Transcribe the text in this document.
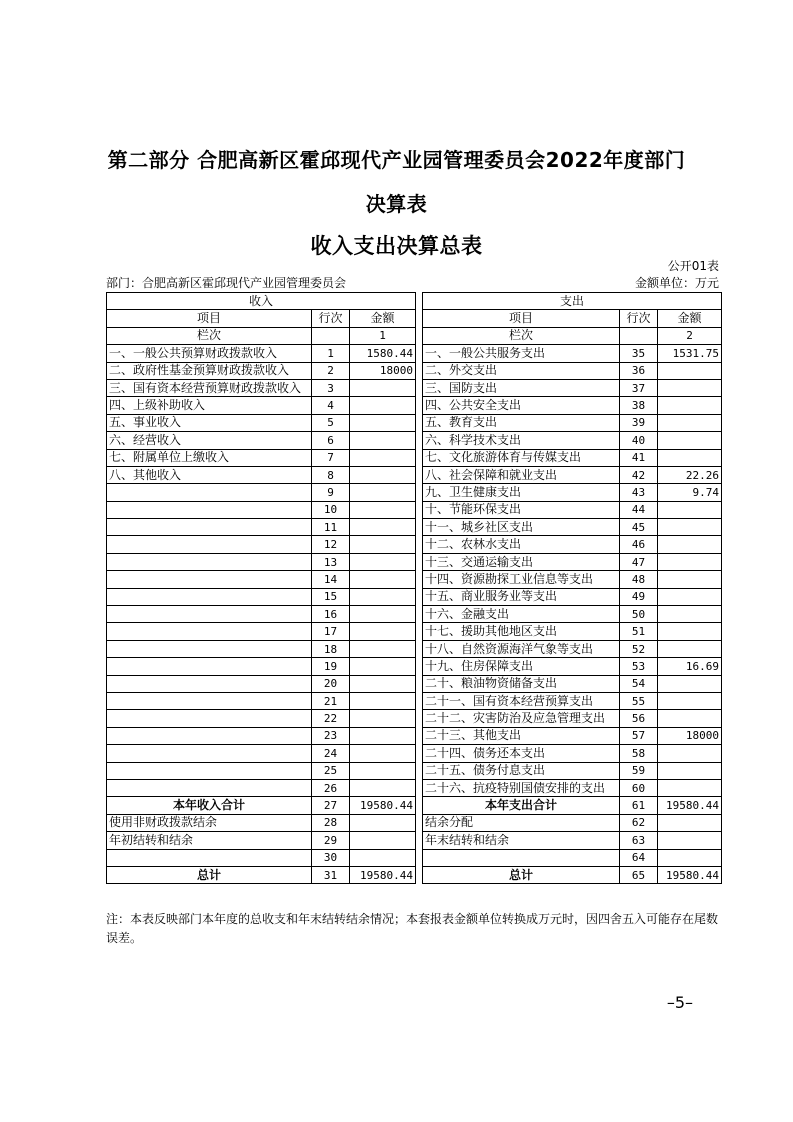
第二部分 合肥高新区霍邱现代产业园管理委员会2022年度部门
决算表
收入支出决算总表
公开01表
部门：合肥高新区霍邱现代产业园管理委员会	金额单位：万元
收入				支出		
项目	行次	金额		项目	行次	金额
栏次		1		栏次		2
一、一般公共预算财政拨款收入	1	1580.44		一、一般公共服务支出	35	1531.75
二、政府性基金预算财政拨款收入	2	18000		二、外交支出	36	
三、国有资本经营预算财政拨款收入	3			三、国防支出	37	
四、上级补助收入	4			四、公共安全支出	38	
五、事业收入	5			五、教育支出	39	
六、经营收入	6			六、科学技术支出	40	
七、附属单位上缴收入	7			七、文化旅游体育与传媒支出	41	
八、其他收入	8			八、社会保障和就业支出	42	22.26
	9			九、卫生健康支出	43	9.74
	10			十、节能环保支出	44	
	11			十一、城乡社区支出	45	
	12			十二、农林水支出	46	
	13			十三、交通运输支出	47	
	14			十四、资源勘探工业信息等支出	48	
	15			十五、商业服务业等支出	49	
	16			十六、金融支出	50	
	17			十七、援助其他地区支出	51	
	18			十八、自然资源海洋气象等支出	52	
	19			十九、住房保障支出	53	16.69
	20			二十、粮油物资储备支出	54	
	21			二十一、国有资本经营预算支出	55	
	22			二十二、灾害防治及应急管理支出	56	
	23			二十三、其他支出	57	18000
	24			二十四、债务还本支出	58	
	25			二十五、债务付息支出	59	
	26			二十六、抗疫特别国债安排的支出	60	
本年收入合计	27	19580.44		本年支出合计	61	19580.44
使用非财政拨款结余	28			结余分配	62	
年初结转和结余	29			年末结转和结余	63	
	30				64	
总计	31	19580.44		总计	65	19580.44
注：本表反映部门本年度的总收支和年末结转结余情况；本套报表金额单位转换成万元时，因四舍五入可能存在尾数误差。
–5–
